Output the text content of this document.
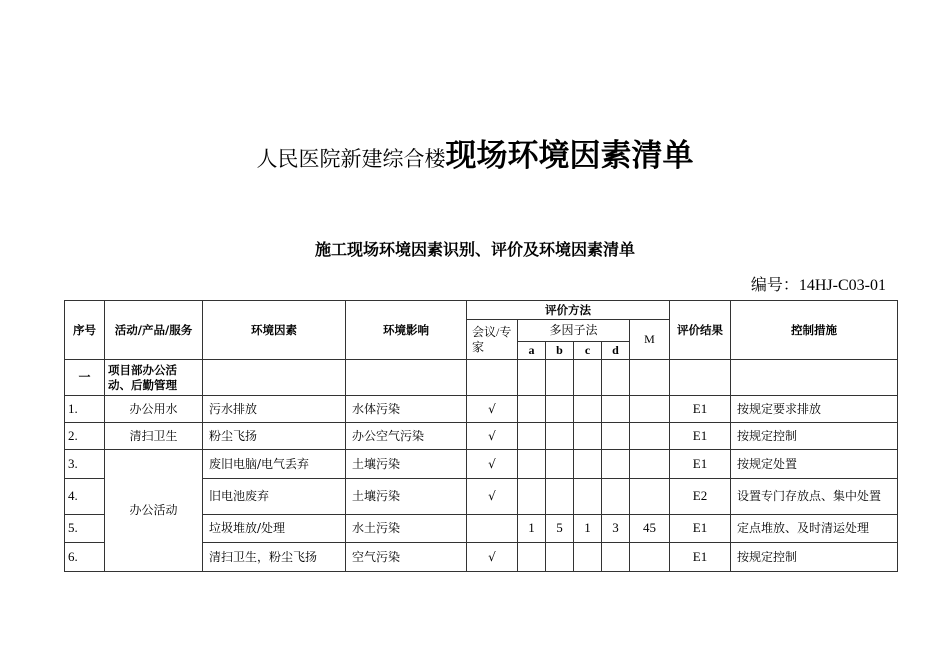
人民医院新建综合楼现场环境因素清单
施工现场环境因素识别、评价及环境因素清单
编号：14HJ-C03-01
序号	活动/产品/服务	环境因素	环境影响	评价方法						评价结果	控制措施
				会议/专家	多因子法				M		
					a	b	c	d			
一	项目部办公活动、后勤管理										
1.	办公用水	污水排放	水体污染	√						E1	按规定要求排放
2.	清扫卫生	粉尘飞扬	办公空气污染	√						E1	按规定控制
3.	办公活动	废旧电脑/电气丢弃	土壤污染	√						E1	按规定处置
4.		旧电池废弃	土壤污染	√						E2	设置专门存放点、集中处置
5.		垃圾堆放/处理	水土污染		1	5	1	3	45	E1	定点堆放、及时清运处理
6.		清扫卫生，粉尘飞扬	空气污染	√						E1	按规定控制
